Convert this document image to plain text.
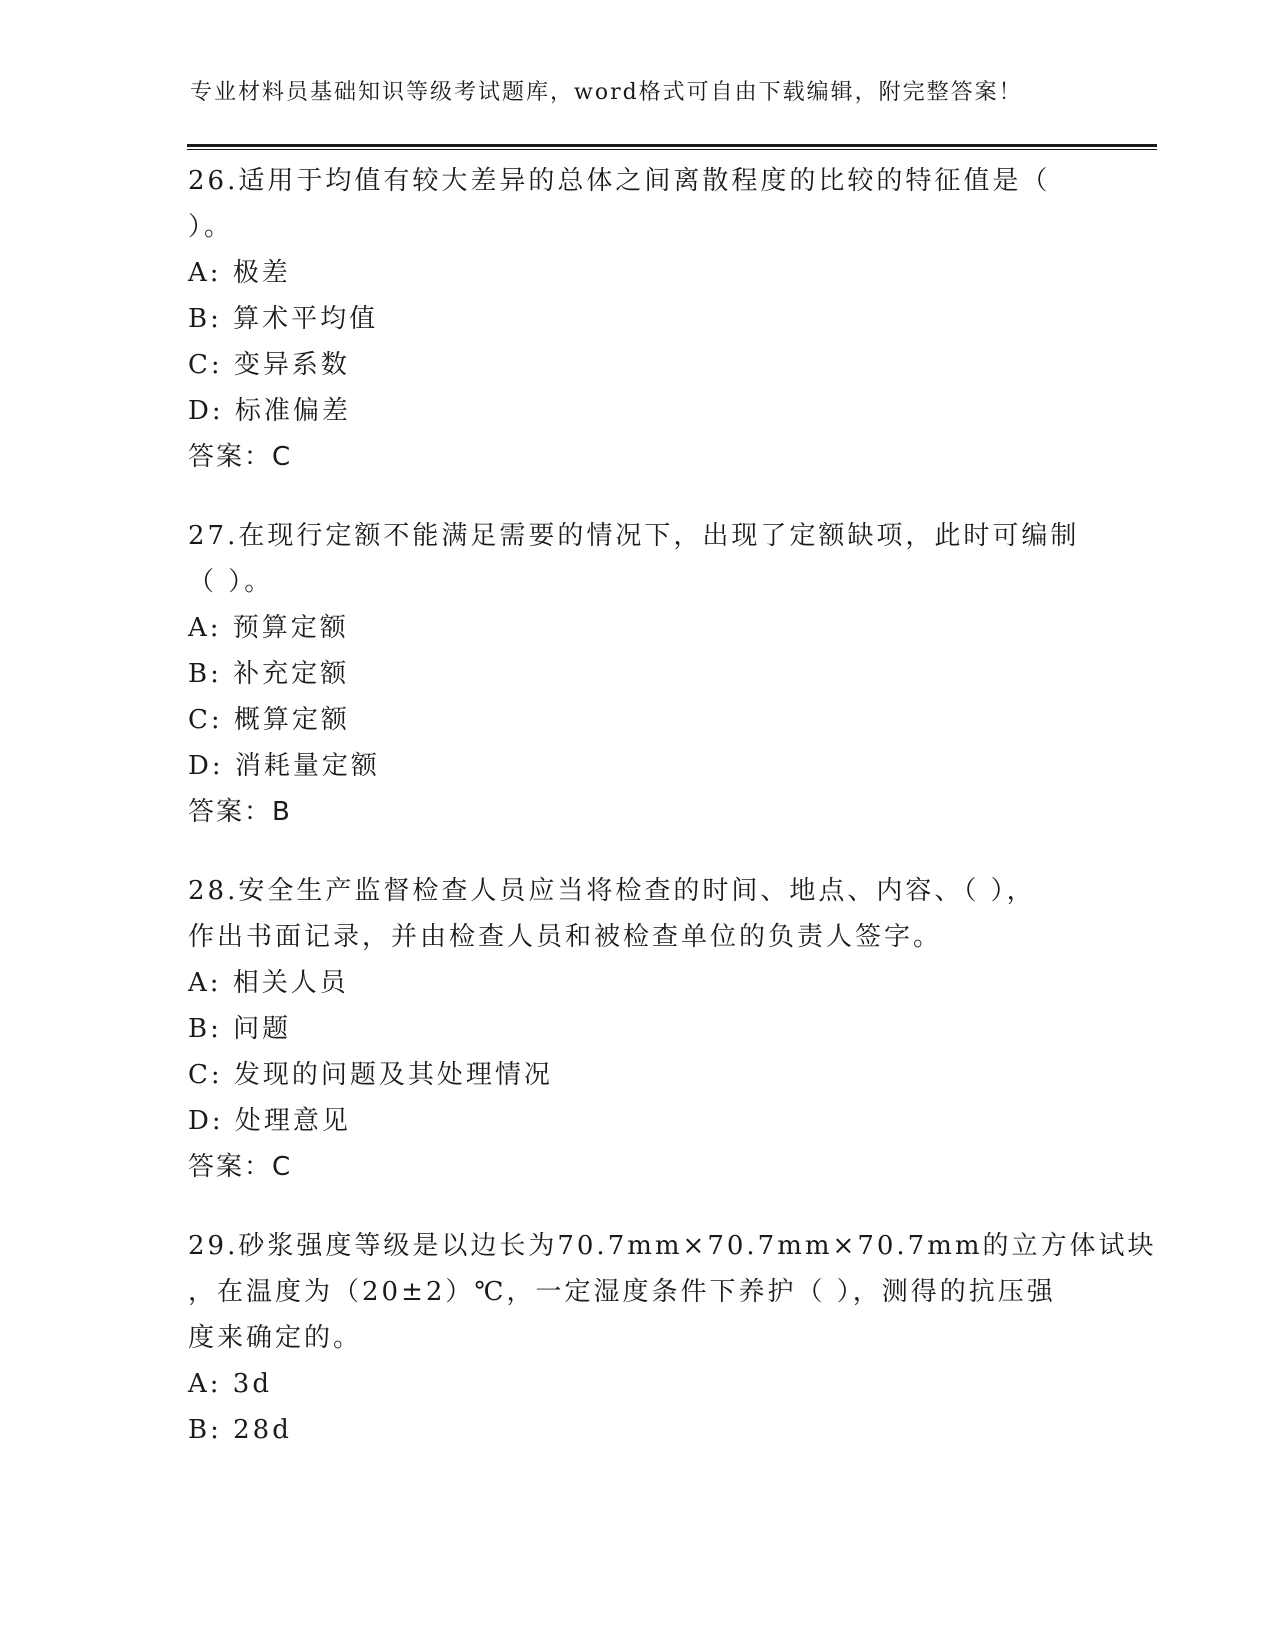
专业材料员基础知识等级考试题库，word格式可自由下载编辑，附完整答案！
26.适用于均值有较大差异的总体之间离散程度的比较的特征值是（
）。
A: 极差
B: 算术平均值
C: 变异系数
D: 标准偏差
答案：C
27.在现行定额不能满足需要的情况下，出现了定额缺项，此时可编制
（ ）。
A: 预算定额
B: 补充定额
C: 概算定额
D: 消耗量定额
答案：B
28.安全生产监督检查人员应当将检查的时间、地点、内容、（ ），
作出书面记录，并由检查人员和被检查单位的负责人签字。
A: 相关人员
B: 问题
C: 发现的问题及其处理情况
D: 处理意见
答案：C
29.砂浆强度等级是以边长为70.7mm×70.7mm×70.7mm的立方体试块
，在温度为（20±2）℃，一定湿度条件下养护（ ），测得的抗压强
度来确定的。
A: 3d
B: 28d
